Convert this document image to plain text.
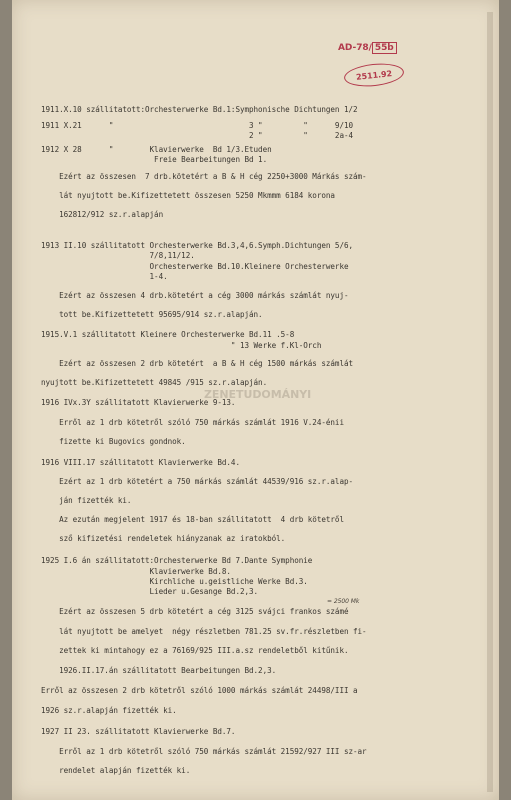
AD-78/ 55b
2511.92
ZENETUDOMÁNYI
1911.X.10 szállitatott:Orchesterwerke Bd.1:Symphonische Dichtungen 1/2
1911 X.21      "                              3 "         "      9/10
2 "         "      2a-4
1912 X 28      "        Klavierwerke  Bd 1/3.Etuden
Freie Bearbeitungen Bd 1.
Ezért az összesen  7 drb.kötetért a B & H cég 2250+3000 Márkás szám-
lát nyujtott be.Kifizettetett összesen 5250 Mkmmm 6184 korona
162812/912 sz.r.alapján
1913 II.10 szállitatott Orchesterwerke Bd.3,4,6.Symph.Dichtungen 5/6,
7/8,11/12.
Orchesterwerke Bd.10.Kleinere Orchesterwerke
1-4.
Ezért az összesen 4 drb.kötetért a cég 3000 márkás számlát nyuj-
tott be.Kifizettetett 95695/914 sz.r.alapján.
1915.V.1 szállitatott Kleinere Orchesterwerke Bd.11 .5-8
" 13 Werke f.Kl-Orch
Ezért az összesen 2 drb kötetért  a B & H cég 1500 márkás számlát
nyujtott be.Kifizettetett 49845 /915 sz.r.alapján.
1916 IVx.3Y szállitatott Klavierwerke 9-13.
Erről az 1 drb kötetről szóló 750 márkás számlát 1916 V.24-énii
fizette ki Bugovics gondnok.
1916 VIII.17 szállitatott Klavierwerke Bd.4.
Ezért az 1 drb kötetért a 750 márkás számlát 44539/916 sz.r.alap-
ján fizették ki.
Az ezután megjelent 1917 és 18-ban szállitatott  4 drb kötetről
sző kifizetési rendeletek hiányzanak az iratokból.
1925 I.6 án szállitatott:Orchesterwerke Bd 7.Dante Symphonie
Klavierwerke Bd.8.
Kirchliche u.geistliche Werke Bd.3.
Lieder u.Gesange Bd.2,3.
= 2500 Mk
Ezért az összesen 5 drb kötetért a cég 3125 svájci frankos számé
lát nyujtott be amelyet  négy részletben 781.25 sv.fr.részletben fi-
zettek ki mintahogy ez a 76169/925 III.a.sz rendeletből kitűnik.
1926.II.17.án szállitatott Bearbeitungen Bd.2,3.
Erről az összesen 2 drb kötetről szóló 1000 márkás számlát 24498/III a
1926 sz.r.alapján fizették ki.
1927 II 23. szállitatott Klavierwerke Bd.7.
Erről az 1 drb kötetről szóló 750 márkás számlát 21592/927 III sz-ar
rendelet alapján fizették ki.
